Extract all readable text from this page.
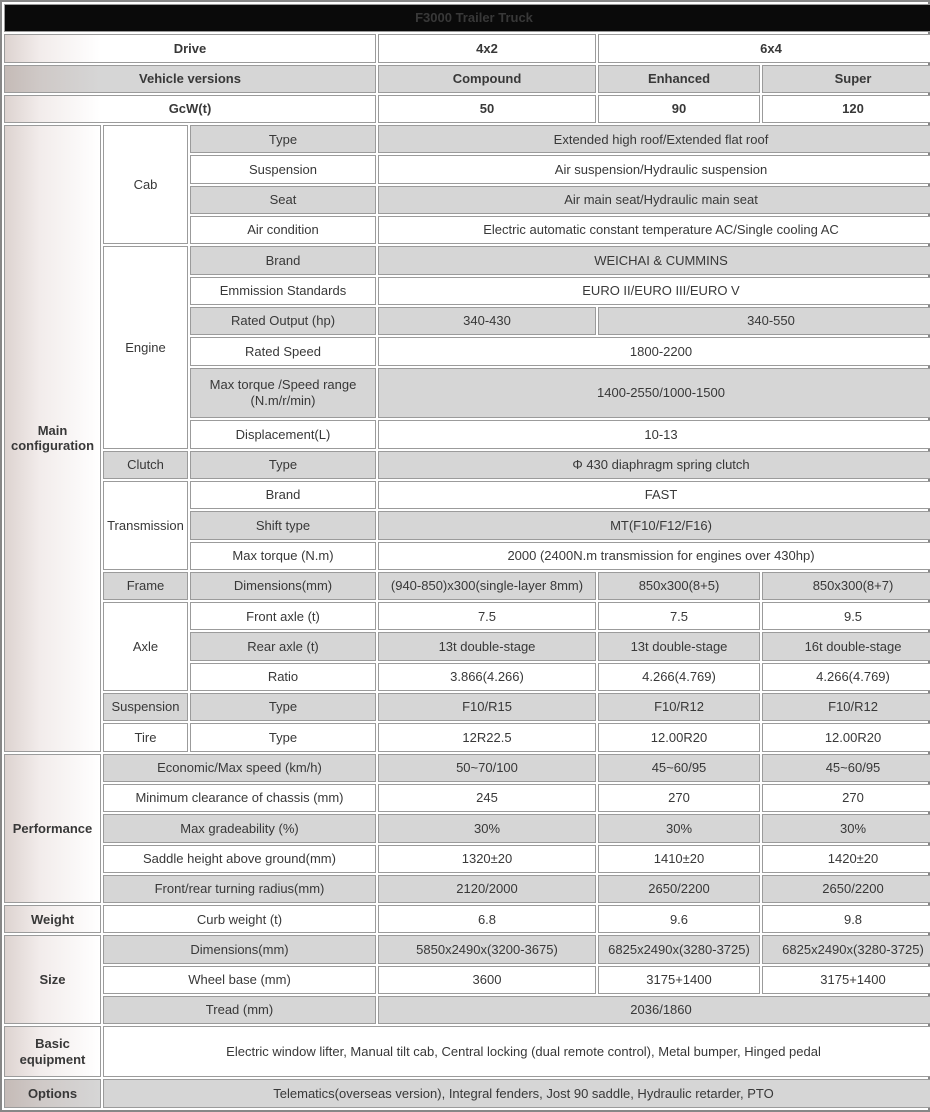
F3000 Trailer Truck					
Drive			4x2	6x4	
Vehicle versions			Compound	Enhanced	Super
GcW(t)			50	90	120
Main configuration	Cab	Type	Extended high roof/Extended flat roof		
		Suspension	Air suspension/Hydraulic suspension		
		Seat	Air main seat/Hydraulic main seat		
		Air condition	Electric automatic constant temperature AC/Single cooling AC		
	Engine	Brand	WEICHAI & CUMMINS		
		Emmission Standards	EURO II/EURO III/EURO V		
		Rated Output (hp)	340-430	340-550	
		Rated Speed	1800-2200		
		Max torque /Speed range (N.m/r/min)	1400-2550/1000-1500		
		Displacement(L)	10-13		
	Clutch	Type	Φ 430 diaphragm spring clutch		
	Transmission	Brand	FAST		
		Shift type	MT(F10/F12/F16)		
		Max torque (N.m)	2000 (2400N.m transmission for engines over 430hp)		
	Frame	Dimensions(mm)	(940-850)x300(single-layer 8mm)	850x300(8+5)	850x300(8+7)
	Axle	Front axle (t)	7.5	7.5	9.5
		Rear axle (t)	13t double-stage	13t double-stage	16t double-stage
		Ratio	3.866(4.266)	4.266(4.769)	4.266(4.769)
	Suspension	Type	F10/R15	F10/R12	F10/R12
	Tire	Type	12R22.5	12.00R20	12.00R20
Performance	Economic/Max speed (km/h)		50~70/100	45~60/95	45~60/95
	Minimum clearance of chassis (mm)		245	270	270
	Max gradeability (%)		30%	30%	30%
	Saddle height above ground(mm)		1320±20	1410±20	1420±20
	Front/rear turning radius(mm)		2120/2000	2650/2200	2650/2200
Weight	Curb weight (t)		6.8	9.6	9.8
Size	Dimensions(mm)		5850x2490x(3200-3675)	6825x2490x(3280-3725)	6825x2490x(3280-3725)
	Wheel base (mm)		3600	3175+1400	3175+1400
	Tread (mm)		2036/1860		
Basic equipment	Electric window lifter, Manual tilt cab, Central locking (dual remote control), Metal bumper, Hinged pedal				
Options	Telematics(overseas version), Integral fenders, Jost 90 saddle, Hydraulic retarder, PTO				
